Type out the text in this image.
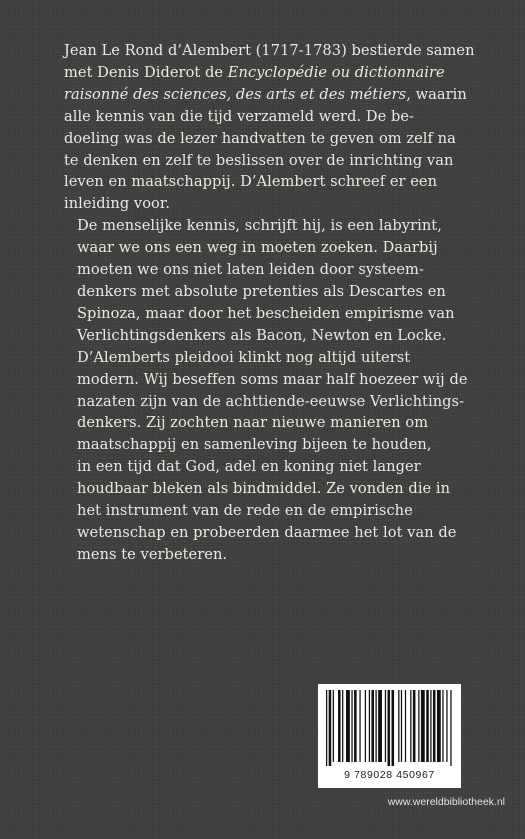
Jean Le Rond d’Alembert (1717-1783) bestierde samen
met Denis Diderot de Encyclopédie ou dictionnaire
raisonné des sciences, des arts et des métiers, waarin
alle kennis van die tijd verzameld werd. De be-
doeling was de lezer handvatten te geven om zelf na
te denken en zelf te beslissen over de inrichting van
leven en maatschappij. D’Alembert schreef er een
inleiding voor.

De menselijke kennis, schrijft hij, is een labyrint,
waar we ons een weg in moeten zoeken. Daarbij
moeten we ons niet laten leiden door systeem-
denkers met absolute pretenties als Descartes en
Spinoza, maar door het bescheiden empirisme van
Verlichtingsdenkers als Bacon, Newton en Locke.

D’Alemberts pleidooi klinkt nog altijd uiterst
modern. Wij beseffen soms maar half hoezeer wij de
nazaten zijn van de achttiende-eeuwse Verlichtings-
denkers. Zij zochten naar nieuwe manieren om
maatschappij en samenleving bijeen te houden,
in een tijd dat God, adel en koning niet langer
houdbaar bleken als bindmiddel. Ze vonden die in
het instrument van de rede en de empirische
wetenschap en probeerden daarmee het lot van de
mens te verbeteren.

9 789028 450967
www.wereldbibliotheek.nl
